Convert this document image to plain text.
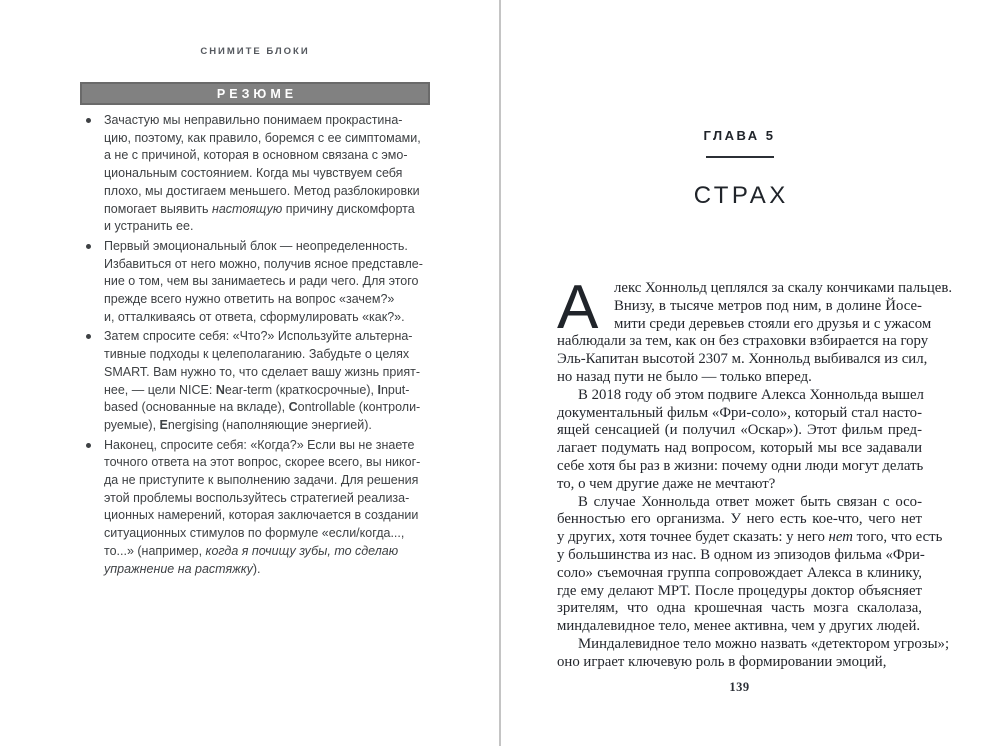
СНИМИТЕ БЛОКИ
РЕЗЮМЕ
Зачастую мы неправильно понимаем прокрастина-
цию, поэтому, как правило, боремся с ее симптомами,
а не с причиной, которая в основном связана с эмо-
циональным состоянием. Когда мы чувствуем себя
плохо, мы достигаем меньшего. Метод разблокировки
помогает выявить настоящую причину дискомфорта
и устранить ее.
Первый эмоциональный блок — неопределенность.
Избавиться от него можно, получив ясное представле-
ние о том, чем вы занимаетесь и ради чего. Для этого
прежде всего нужно ответить на вопрос «зачем?»
и, отталкиваясь от ответа, сформулировать «как?».
Затем спросите себя: «Что?» Используйте альтерна-
тивные подходы к целеполаганию. Забудьте о целях
SMART. Вам нужно то, что сделает вашу жизнь прият-
нее, — цели NICE: Near-term (краткосрочные), Input-
based (основанные на вкладе), Controllable (контроли-
руемые), Energising (наполняющие энергией).
Наконец, спросите себя: «Когда?» Если вы не знаете
точного ответа на этот вопрос, скорее всего, вы никог-
да не приступите к выполнению задачи. Для решения
этой проблемы воспользуйтесь стратегией реализа-
ционных намерений, которая заключается в создании
ситуационных стимулов по формуле «если/когда...,
то...» (например, когда я почищу зубы, то сделаю
упражнение на растяжку).
ГЛАВА 5
СТРАХ
А	лекс Хоннольд цеплялся за скалу кончиками пальцев.
Внизу, в тысяче метров под ним, в долине Йосе-
мити среди деревьев стояли его друзья и с ужасом
наблюдали за тем, как он без страховки взбирается на гору
Эль-Капитан высотой 2307 м. Хоннольд выбивался из сил,
но назад пути не было — только вперед.
В 2018 году об этом подвиге Алекса Хоннольда вышел
документальный фильм «Фри-соло», который стал насто-
ящей сенсацией (и получил «Оскар»). Этот фильм пред-
лагает подумать над вопросом, который мы все задавали
себе хотя бы раз в жизни: почему одни люди могут делать
то, о чем другие даже не мечтают?
В случае Хоннольда ответ может быть связан с осо-
бенностью его организма. У него есть кое-что, чего нет
у других, хотя точнее будет сказать: у него нет того, что есть
у большинства из нас. В одном из эпизодов фильма «Фри-
соло» съемочная группа сопровождает Алекса в клинику,
где ему делают МРТ. После процедуры доктор объясняет
зрителям, что одна крошечная часть мозга скалолаза,
миндалевидное тело, менее активна, чем у других людей.
Миндалевидное тело можно назвать «детектором угрозы»;
оно играет ключевую роль в формировании эмоций,
139
